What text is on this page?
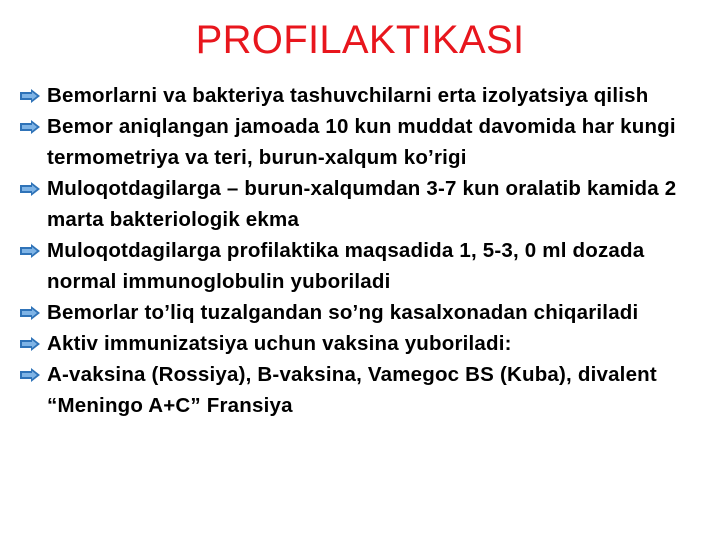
PROFILAKTIKASI
Bemorlarni va bakteriya tashuvchilarni erta izolyatsiya qilish
Bemor aniqlangan jamoada 10 kun muddat davomida har kungi termometriya va teri, burun-xalqum ko’rigi
Muloqotdagilarga – burun-xalqumdan 3-7 kun oralatib kamida 2 marta bakteriologik ekma
Muloqotdagilarga profilaktika maqsadida 1, 5-3, 0 ml dozada normal immunoglobulin yuboriladi
Bemorlar to’liq tuzalgandan so’ng kasalxonadan chiqariladi
Aktiv immunizatsiya uchun vaksina yuboriladi:
A-vaksina (Rossiya), B-vaksina, Vamegoc BS (Kuba), divalent “Meningo A+C” Fransiya
